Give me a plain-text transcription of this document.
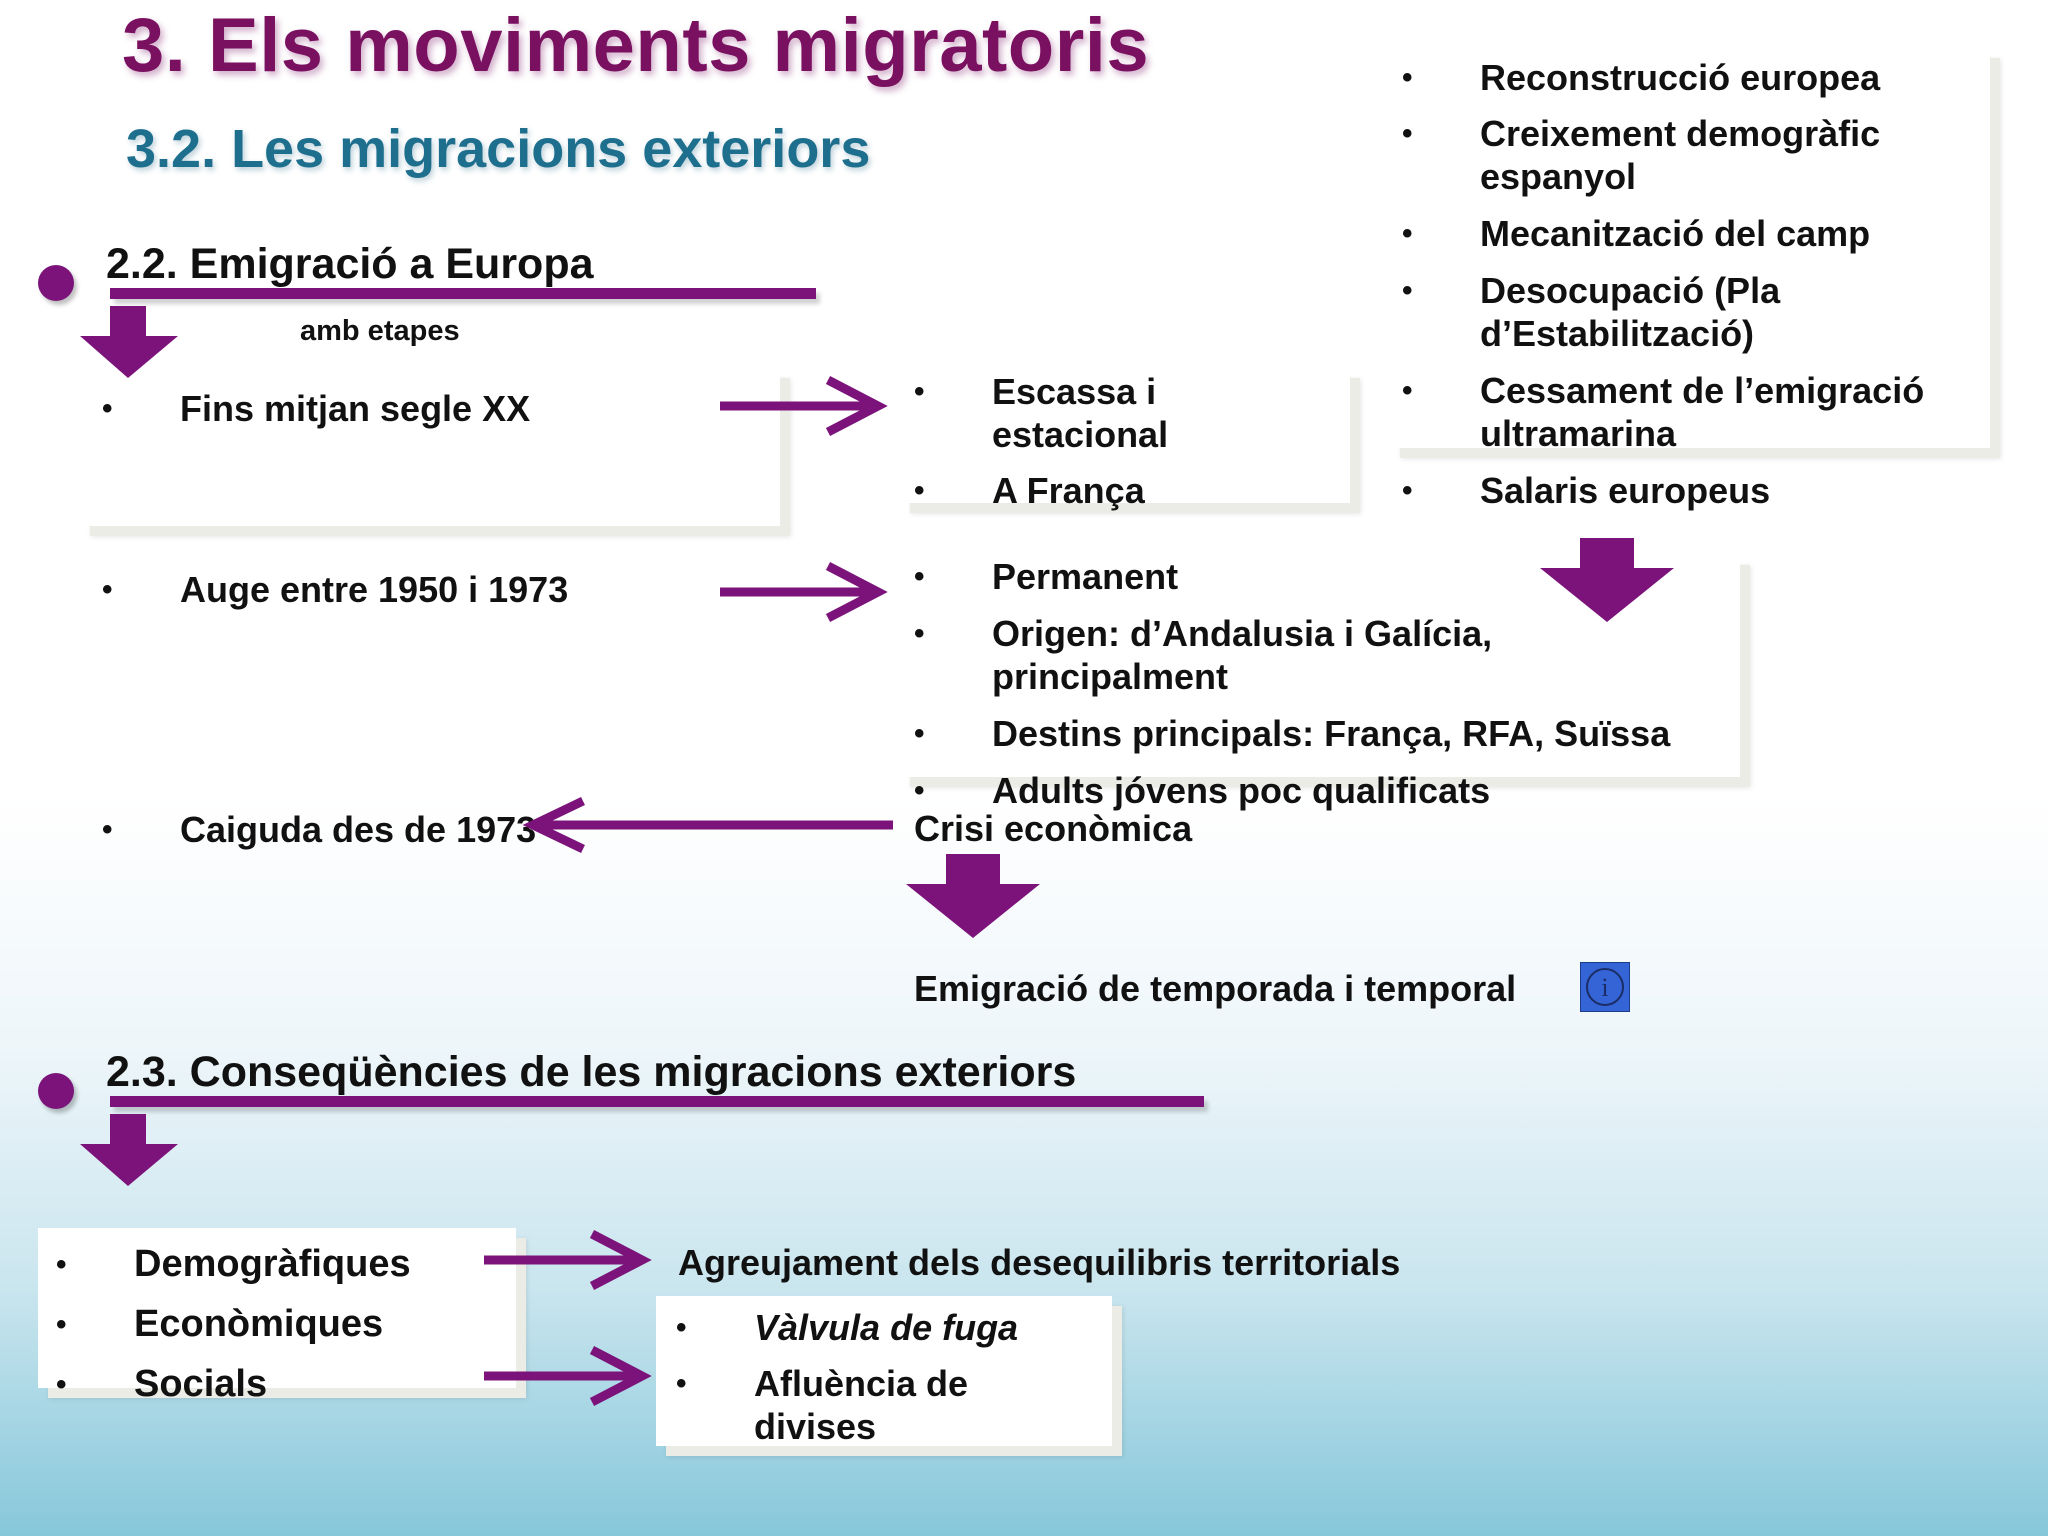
3. Els moviments migratoris
3.2. Les migracions exteriors
2.2. Emigració a Europa
amb etapes
• Fins mitjan segle XX	• Escassa i estacional
• A França
• Reconstrucció europea
• Creixement demogràfic espanyol
• Mecanització del camp
• Desocupació (Pla d’Estabilització)
• Cessament de l’emigració ultramarina
• Salaris europeus
• Auge entre 1950 i 1973	• Permanent
• Origen: d’Andalusia i Galícia, principalment
• Destins principals: França, RFA, Suïssa
• Adults jóvens poc qualificats
• Caiguda des de 1973	Crisi econòmica
Emigració de temporada i temporal	i
2.3. Conseqüències de les migracions exteriors
• Demogràfiques
• Econòmiques
• Socials
Agreujament dels desequilibris territorials
• Vàlvula de fuga
• Afluència de divises
